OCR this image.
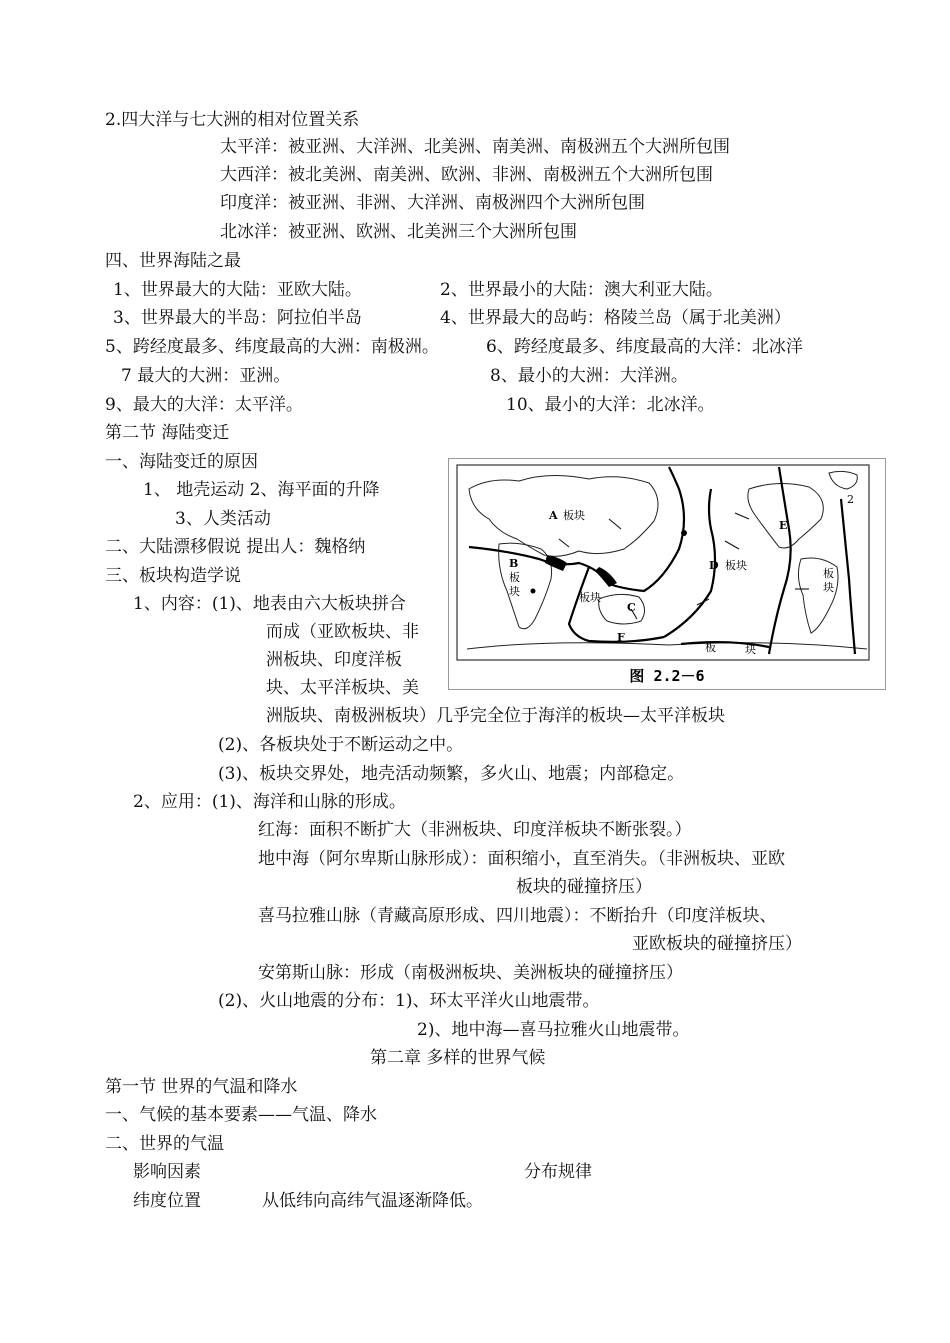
2.四大洋与七大洲的相对位置关系
太平洋：被亚洲、大洋洲、北美洲、南美洲、南极洲五个大洲所包围
大西洋：被北美洲、南美洲、欧洲、非洲、南极洲五个大洲所包围
印度洋：被亚洲、非洲、大洋洲、南极洲四个大洲所包围
北冰洋：被亚洲、欧洲、北美洲三个大洲所包围
四、世界海陆之最
1、世界最大的大陆：亚欧大陆。	2、世界最小的大陆：澳大利亚大陆。
3、世界最大的半岛：阿拉伯半岛	4、世界最大的岛屿：格陵兰岛（属于北美洲）
5、跨经度最多、纬度最高的大洲：南极洲。	6、跨经度最多、纬度最高的大洋：北冰洋
7 最大的大洲：亚洲。	8、最小的大洲：大洋洲。
9、最大的大洋：太平洋。	10、最小的大洋：北冰洋。
第二节 海陆变迁
一、海陆变迁的原因
1、 地壳运动 2、海平面的升降
3、人类活动
二、大陆漂移假说 提出人：魏格纳
三、板块构造学说
1、内容：(1)、地表由六大板块拼合
而成（亚欧板块、非
洲板块、印度洋板
块、太平洋板块、美
洲版块、南极洲板块）几乎完全位于海洋的板块—太平洋板块
(2)、各板块处于不断运动之中。
(3)、板块交界处，地壳活动频繁，多火山、地震；内部稳定。
2、应用：(1)、海洋和山脉的形成。
红海：面积不断扩大（非洲板块、印度洋板块不断张裂。）
地中海（阿尔卑斯山脉形成）：面积缩小，直至消失。（非洲板块、亚欧
板块的碰撞挤压）
喜马拉雅山脉（青藏高原形成、四川地震）：不断抬升（印度洋板块、
亚欧板块的碰撞挤压）
安第斯山脉：形成（南极洲板块、美洲板块的碰撞挤压）
(2)、火山地震的分布：1)、环太平洋火山地震带。
2)、地中海—喜马拉雅火山地震带。
第二章 多样的世界气候
第一节 世界的气温和降水
一、气候的基本要素——气温、降水
二、世界的气温
影响因素	分布规律
纬度位置	从低纬向高纬气温逐渐降低。
A 板块
B
板
块	板块
C
D 板块
E
板
块
F
板	块
2
图 2.2－6
